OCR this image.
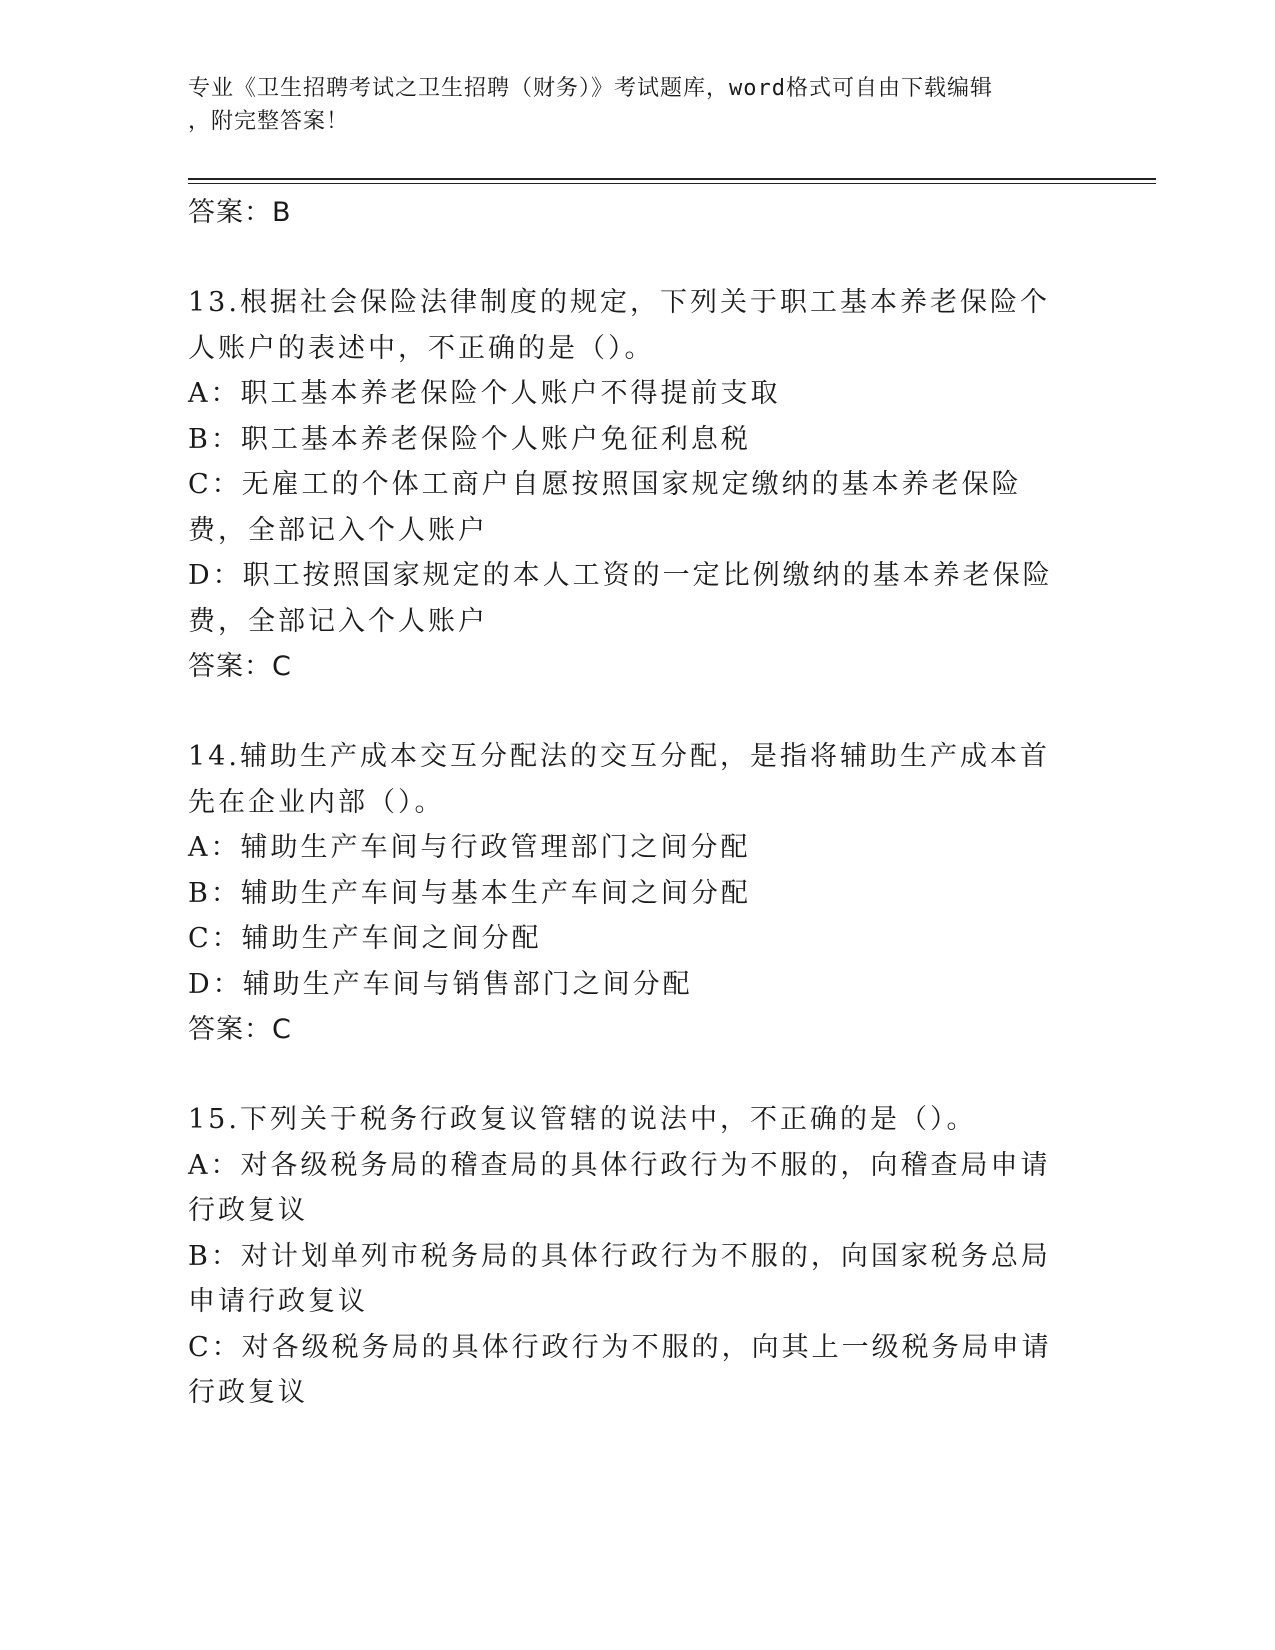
专业《卫生招聘考试之卫生招聘（财务）》考试题库，word格式可自由下载编辑
，附完整答案！

答案：B

13.根据社会保险法律制度的规定，下列关于职工基本养老保险个人账户的表述中，不正确的是（）。

A：职工基本养老保险个人账户不得提前支取

B：职工基本养老保险个人账户免征利息税

C：无雇工的个体工商户自愿按照国家规定缴纳的基本养老保险费，全部记入个人账户

D：职工按照国家规定的本人工资的一定比例缴纳的基本养老保险费，全部记入个人账户

答案：C

14.辅助生产成本交互分配法的交互分配，是指将辅助生产成本首先在企业内部（）。

A：辅助生产车间与行政管理部门之间分配

B：辅助生产车间与基本生产车间之间分配

C：辅助生产车间之间分配

D：辅助生产车间与销售部门之间分配

答案：C

15.下列关于税务行政复议管辖的说法中，不正确的是（）。

A：对各级税务局的稽查局的具体行政行为不服的，向稽查局申请行政复议

B：对计划单列市税务局的具体行政行为不服的，向国家税务总局申请行政复议

C：对各级税务局的具体行政行为不服的，向其上一级税务局申请行政复议
